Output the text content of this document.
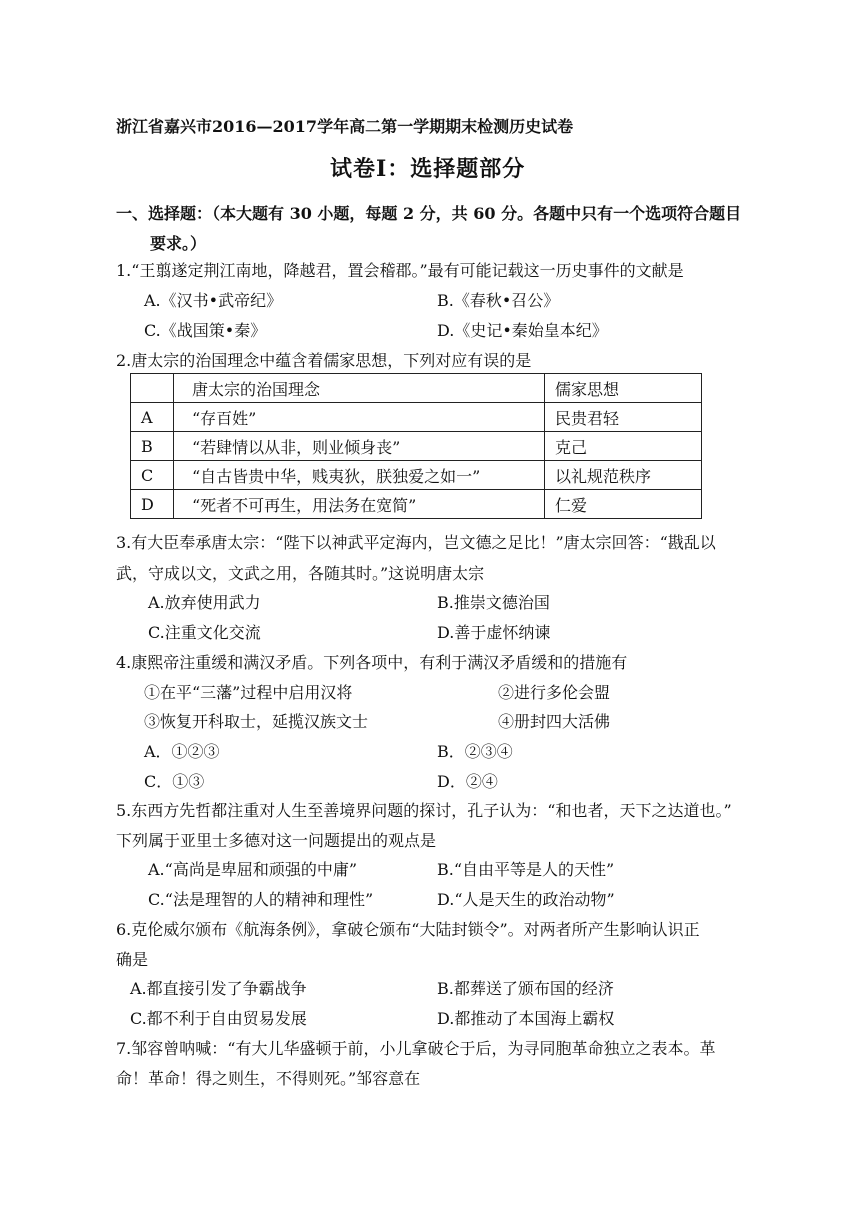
浙江省嘉兴市2016—2017学年高二第一学期期末检测历史试卷
试卷Ⅰ：选择题部分
一、选择题：（本大题有 30 小题，每题 2 分，共 60 分。各题中只有一个选项符合题目
要求。）
1.“王翦遂定荆江南地，降越君，置会稽郡。”最有可能记载这一历史事件的文献是
A.《汉书•武帝纪》	B.《春秋•召公》
C.《战国策•秦》	D.《史记•秦始皇本纪》
2.唐太宗的治国理念中蕴含着儒家思想，下列对应有误的是
	唐太宗的治国理念	儒家思想
A	“存百姓”	民贵君轻
B	“若肆情以从非，则业倾身丧”	克己
C	“自古皆贵中华，贱夷狄，朕独爱之如一”	以礼规范秩序
D	“死者不可再生，用法务在宽简”	仁爱
3.有大臣奉承唐太宗：“陛下以神武平定海内，岂文德之足比！”唐太宗回答：“戡乱以
武，守成以文，文武之用，各随其时。”这说明唐太宗
A.放弃使用武力	B.推崇文德治国
C.注重文化交流	D.善于虚怀纳谏
4.康熙帝注重缓和满汉矛盾。下列各项中，有利于满汉矛盾缓和的措施有
①在平“三藩”过程中启用汉将	②进行多伦会盟
③恢复开科取士，延揽汉族文士	④册封四大活佛
A．①②③	B．②③④
C．①③	D．②④
5.东西方先哲都注重对人生至善境界问题的探讨，孔子认为：“和也者，天下之达道也。”
下列属于亚里士多德对这一问题提出的观点是
A.“高尚是卑屈和顽强的中庸”	B.“自由平等是人的天性”
C.“法是理智的人的精神和理性”	D.“人是天生的政治动物”
6.克伦威尔颁布《航海条例》，拿破仑颁布“大陆封锁令”。对两者所产生影响认识正
确是
A.都直接引发了争霸战争	B.都葬送了颁布国的经济
C.都不利于自由贸易发展	D.都推动了本国海上霸权
7.邹容曾呐喊：“有大儿华盛顿于前，小儿拿破仑于后，为寻同胞革命独立之表本。革
命！革命！得之则生，不得则死。”邹容意在
